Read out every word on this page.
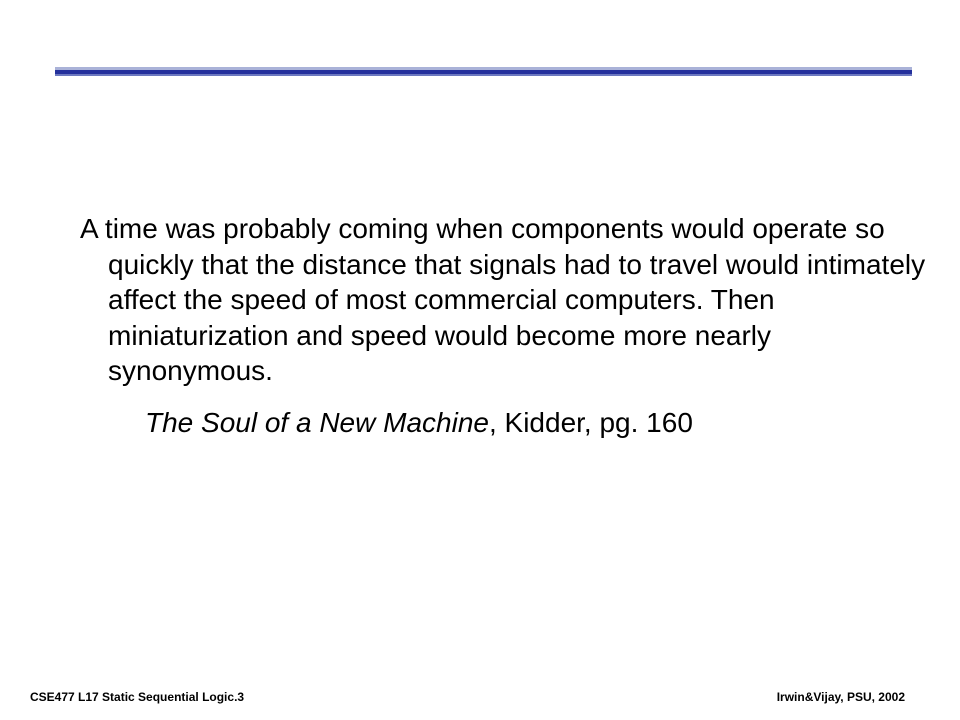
A time was probably coming when components would operate so quickly that the distance that signals had to travel would intimately affect the speed of most commercial computers. Then miniaturization and speed would become more nearly synonymous.

The Soul of a New Machine, Kidder, pg. 160

CSE477 L17 Static Sequential Logic.3	Irwin&Vijay, PSU, 2002
